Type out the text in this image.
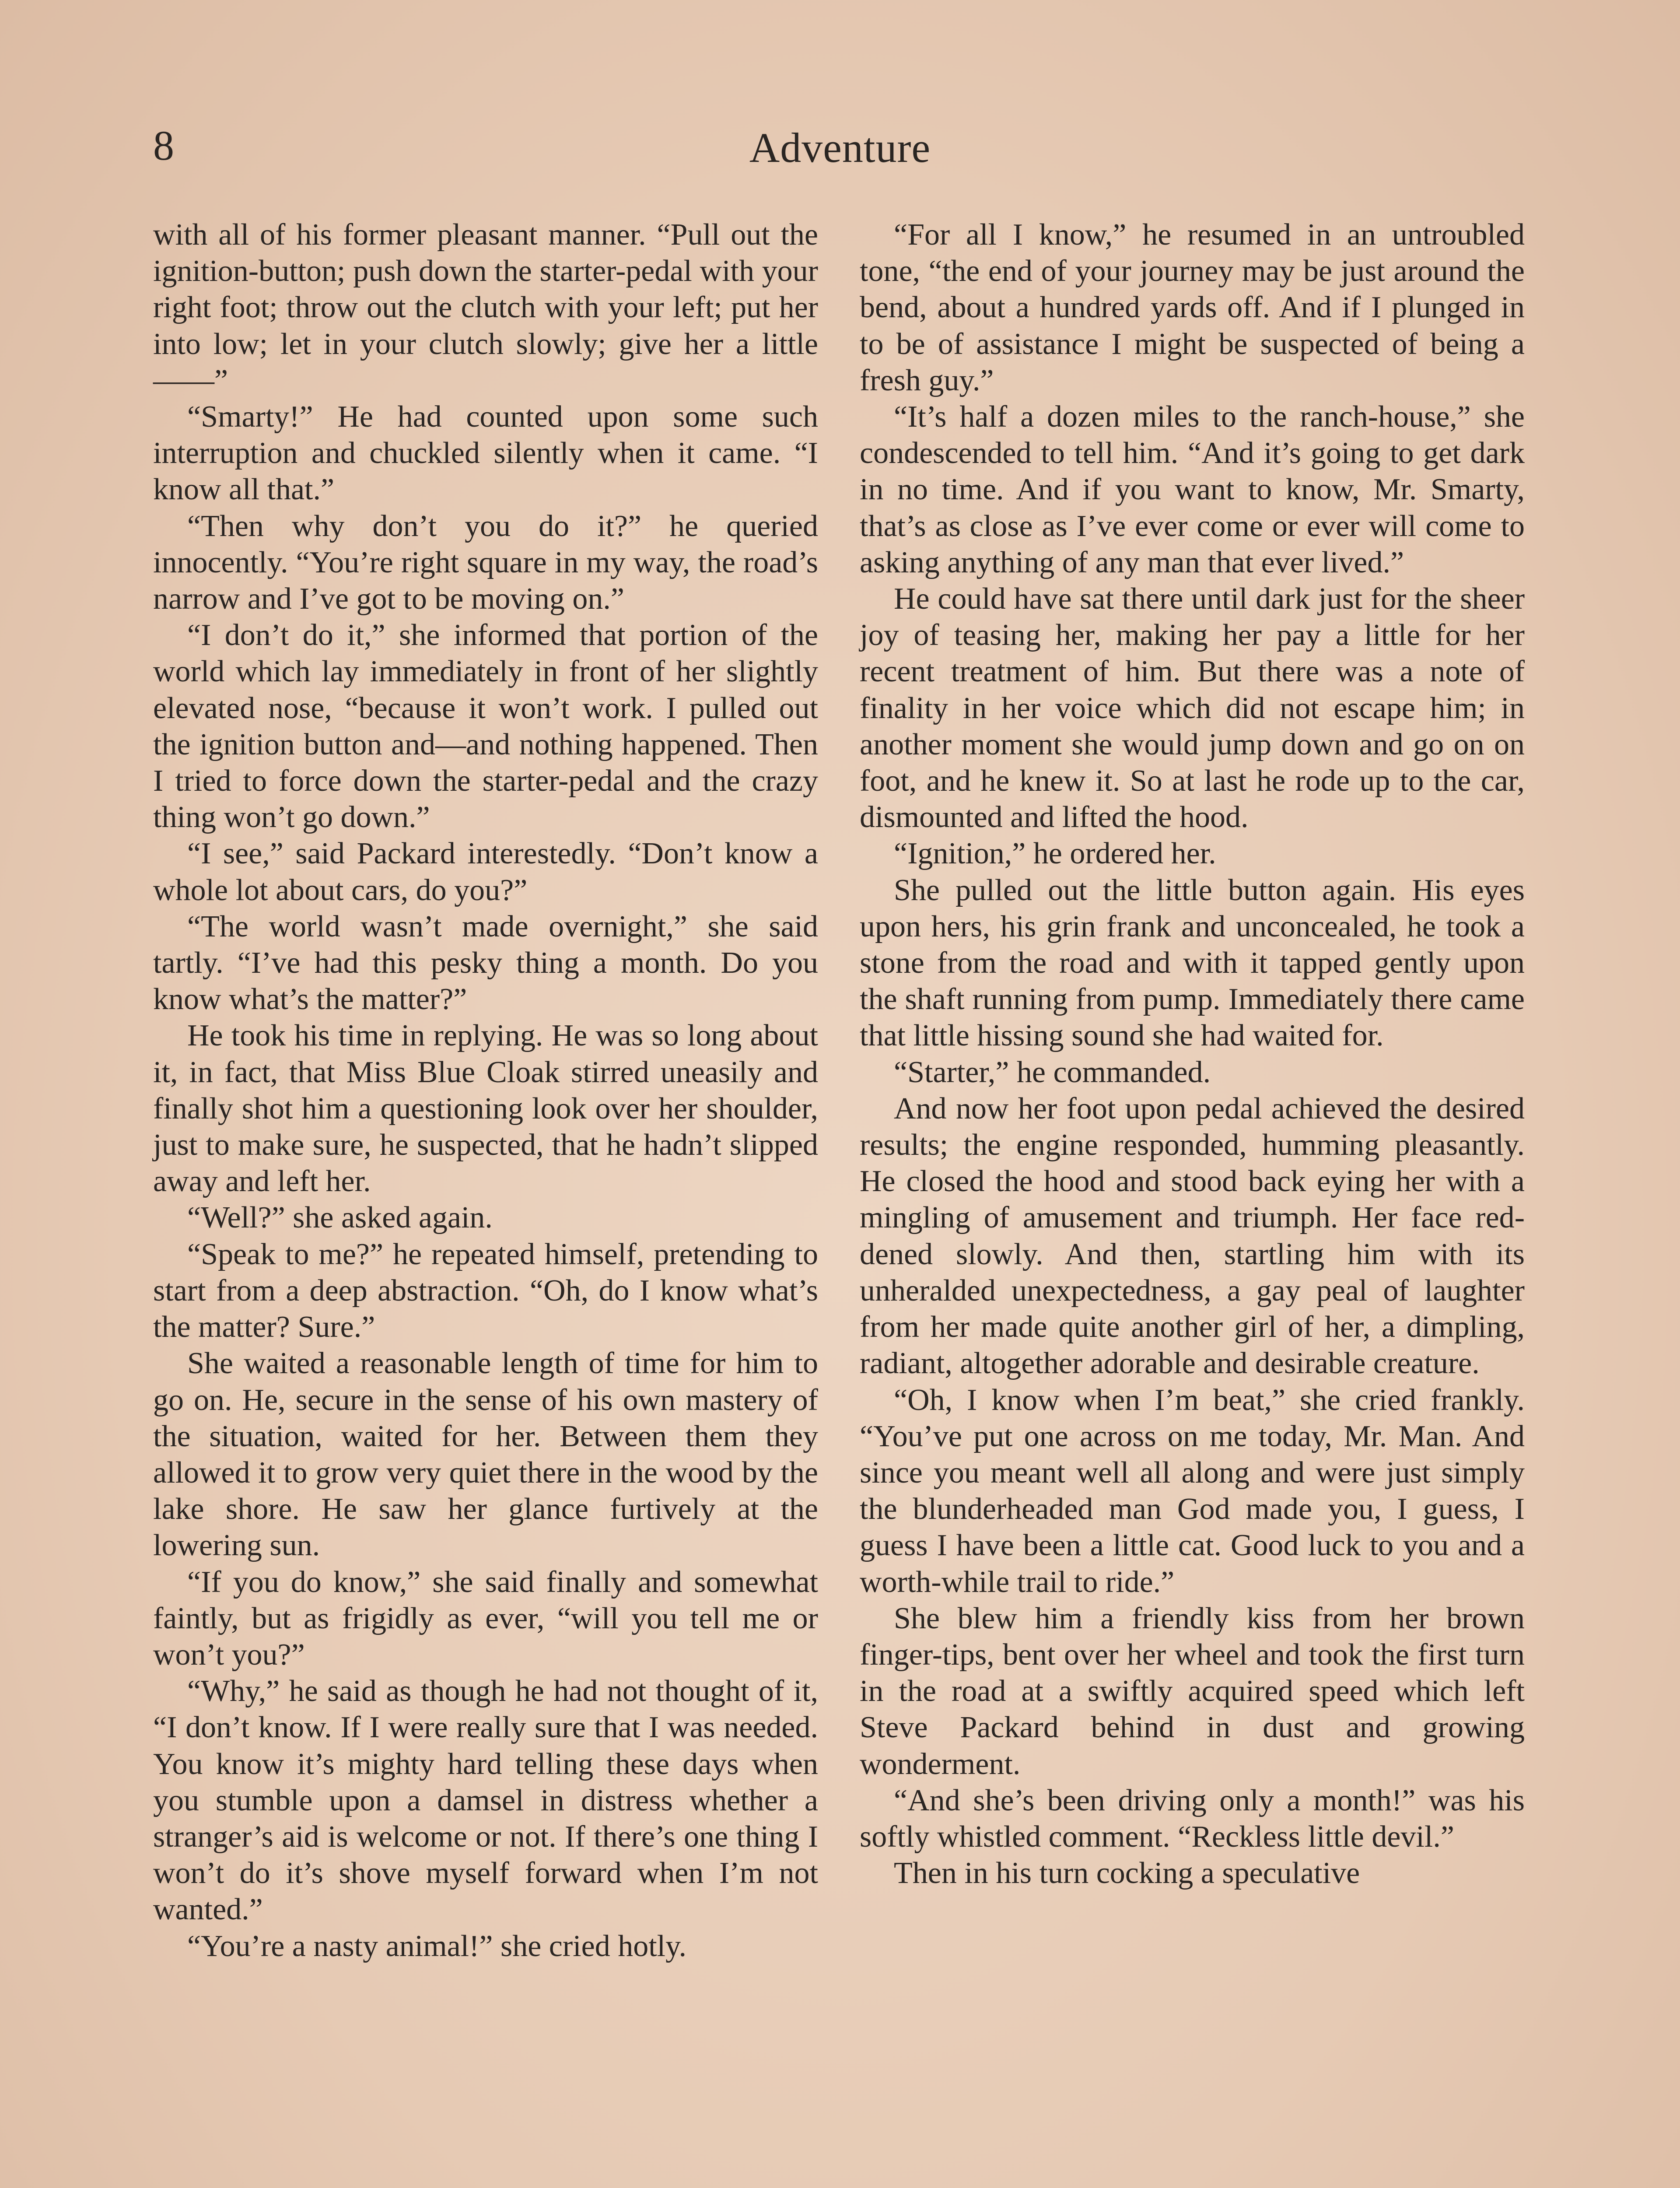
8	Adventure

with all of his former pleasant manner. “Pull out the ignition-button; push down the starter-pedal with your right foot; throw out the clutch with your left; put her into low; let in your clutch slowly; give her a little——”

“Smarty!” He had counted upon some such interruption and chuckled silently when it came. “I know all that.”

“Then why don’t you do it?” he queried innocently. “You’re right square in my way, the road’s narrow and I’ve got to be moving on.”

“I don’t do it,” she informed that portion of the world which lay immediately in front of her slightly elevated nose, “because it won’t work. I pulled out the ignition button and—and nothing happened. Then I tried to force down the starter-pedal and the crazy thing won’t go down.”

“I see,” said Packard interestedly. “Don’t know a whole lot about cars, do you?”

“The world wasn’t made overnight,” she said tartly. “I’ve had this pesky thing a month. Do you know what’s the matter?”

He took his time in replying. He was so long about it, in fact, that Miss Blue Cloak stirred uneasily and finally shot him a questioning look over her shoulder, just to make sure, he suspected, that he hadn’t slipped away and left her.

“Well?” she asked again.

“Speak to me?” he repeated himself, pretending to start from a deep abstraction. “Oh, do I know what’s the matter? Sure.”

She waited a reasonable length of time for him to go on. He, secure in the sense of his own mastery of the situation, waited for her. Between them they allowed it to grow very quiet there in the wood by the lake shore. He saw her glance furtively at the lowering sun.

“If you do know,” she said finally and somewhat faintly, but as frigidly as ever, “will you tell me or won’t you?”

“Why,” he said as though he had not thought of it, “I don’t know. If I were really sure that I was needed. You know it’s mighty hard telling these days when you stumble upon a damsel in distress whether a stranger’s aid is welcome or not. If there’s one thing I won’t do it’s shove myself forward when I’m not wanted.”

“You’re a nasty animal!” she cried hotly.

“For all I know,” he resumed in an untroubled tone, “the end of your journey may be just around the bend, about a hundred yards off. And if I plunged in to be of assistance I might be suspected of being a fresh guy.”

“It’s half a dozen miles to the ranch-house,” she condescended to tell him. “And it’s going to get dark in no time. And if you want to know, Mr. Smarty, that’s as close as I’ve ever come or ever will come to asking anything of any man that ever lived.”

He could have sat there until dark just for the sheer joy of teasing her, making her pay a little for her recent treatment of him. But there was a note of finality in her voice which did not escape him; in another moment she would jump down and go on on foot, and he knew it. So at last he rode up to the car, dismounted and lifted the hood.

“Ignition,” he ordered her.

She pulled out the little button again. His eyes upon hers, his grin frank and unconcealed, he took a stone from the road and with it tapped gently upon the shaft running from pump. Immediately there came that little hissing sound she had waited for.

“Starter,” he commanded.

And now her foot upon pedal achieved the desired results; the engine responded, humming pleasantly. He closed the hood and stood back eying her with a mingling of amusement and triumph. Her face reddened slowly. And then, startling him with its unheralded unexpectedness, a gay peal of laughter from her made quite another girl of her, a dimpling, radiant, altogether adorable and desirable creature.

“Oh, I know when I’m beat,” she cried frankly. “You’ve put one across on me today, Mr. Man. And since you meant well all along and were just simply the blunderheaded man God made you, I guess, I guess I have been a little cat. Good luck to you and a worth-while trail to ride.”

She blew him a friendly kiss from her brown finger-tips, bent over her wheel and took the first turn in the road at a swiftly acquired speed which left Steve Packard behind in dust and growing wonderment.

“And she’s been driving only a month!” was his softly whistled comment. “Reckless little devil.”

Then in his turn cocking a speculative
